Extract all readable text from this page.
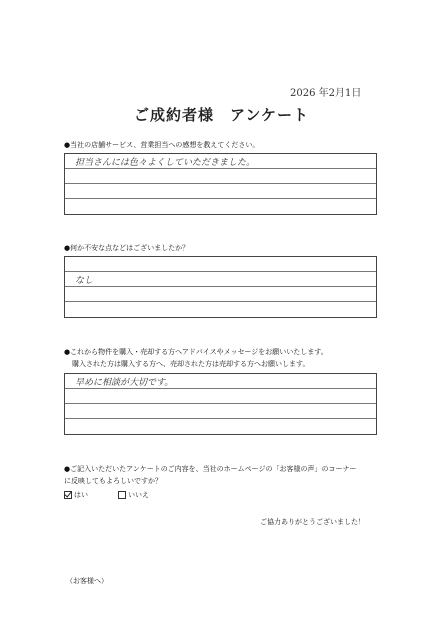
2026 年2月1日
ご成約者様　アンケート
●当社の店舗サービス、営業担当への感想を教えてください。
担当さんには色々よくしていただきました。
●何か不安な点などはございましたか？
なし
●これから物件を購入・売却する方へアドバイスやメッセージをお願いいたします。
購入された方は購入する方へ、売却された方は売却する方へお願いします。
早めに相談が大切です。
●ご記入いただいたアンケートのご内容を、当社のホームページの「お客様の声」のコーナー
に反映してもよろしいですか？
はい	いいえ
ご協力ありがとうございました！
（お客様へ）
